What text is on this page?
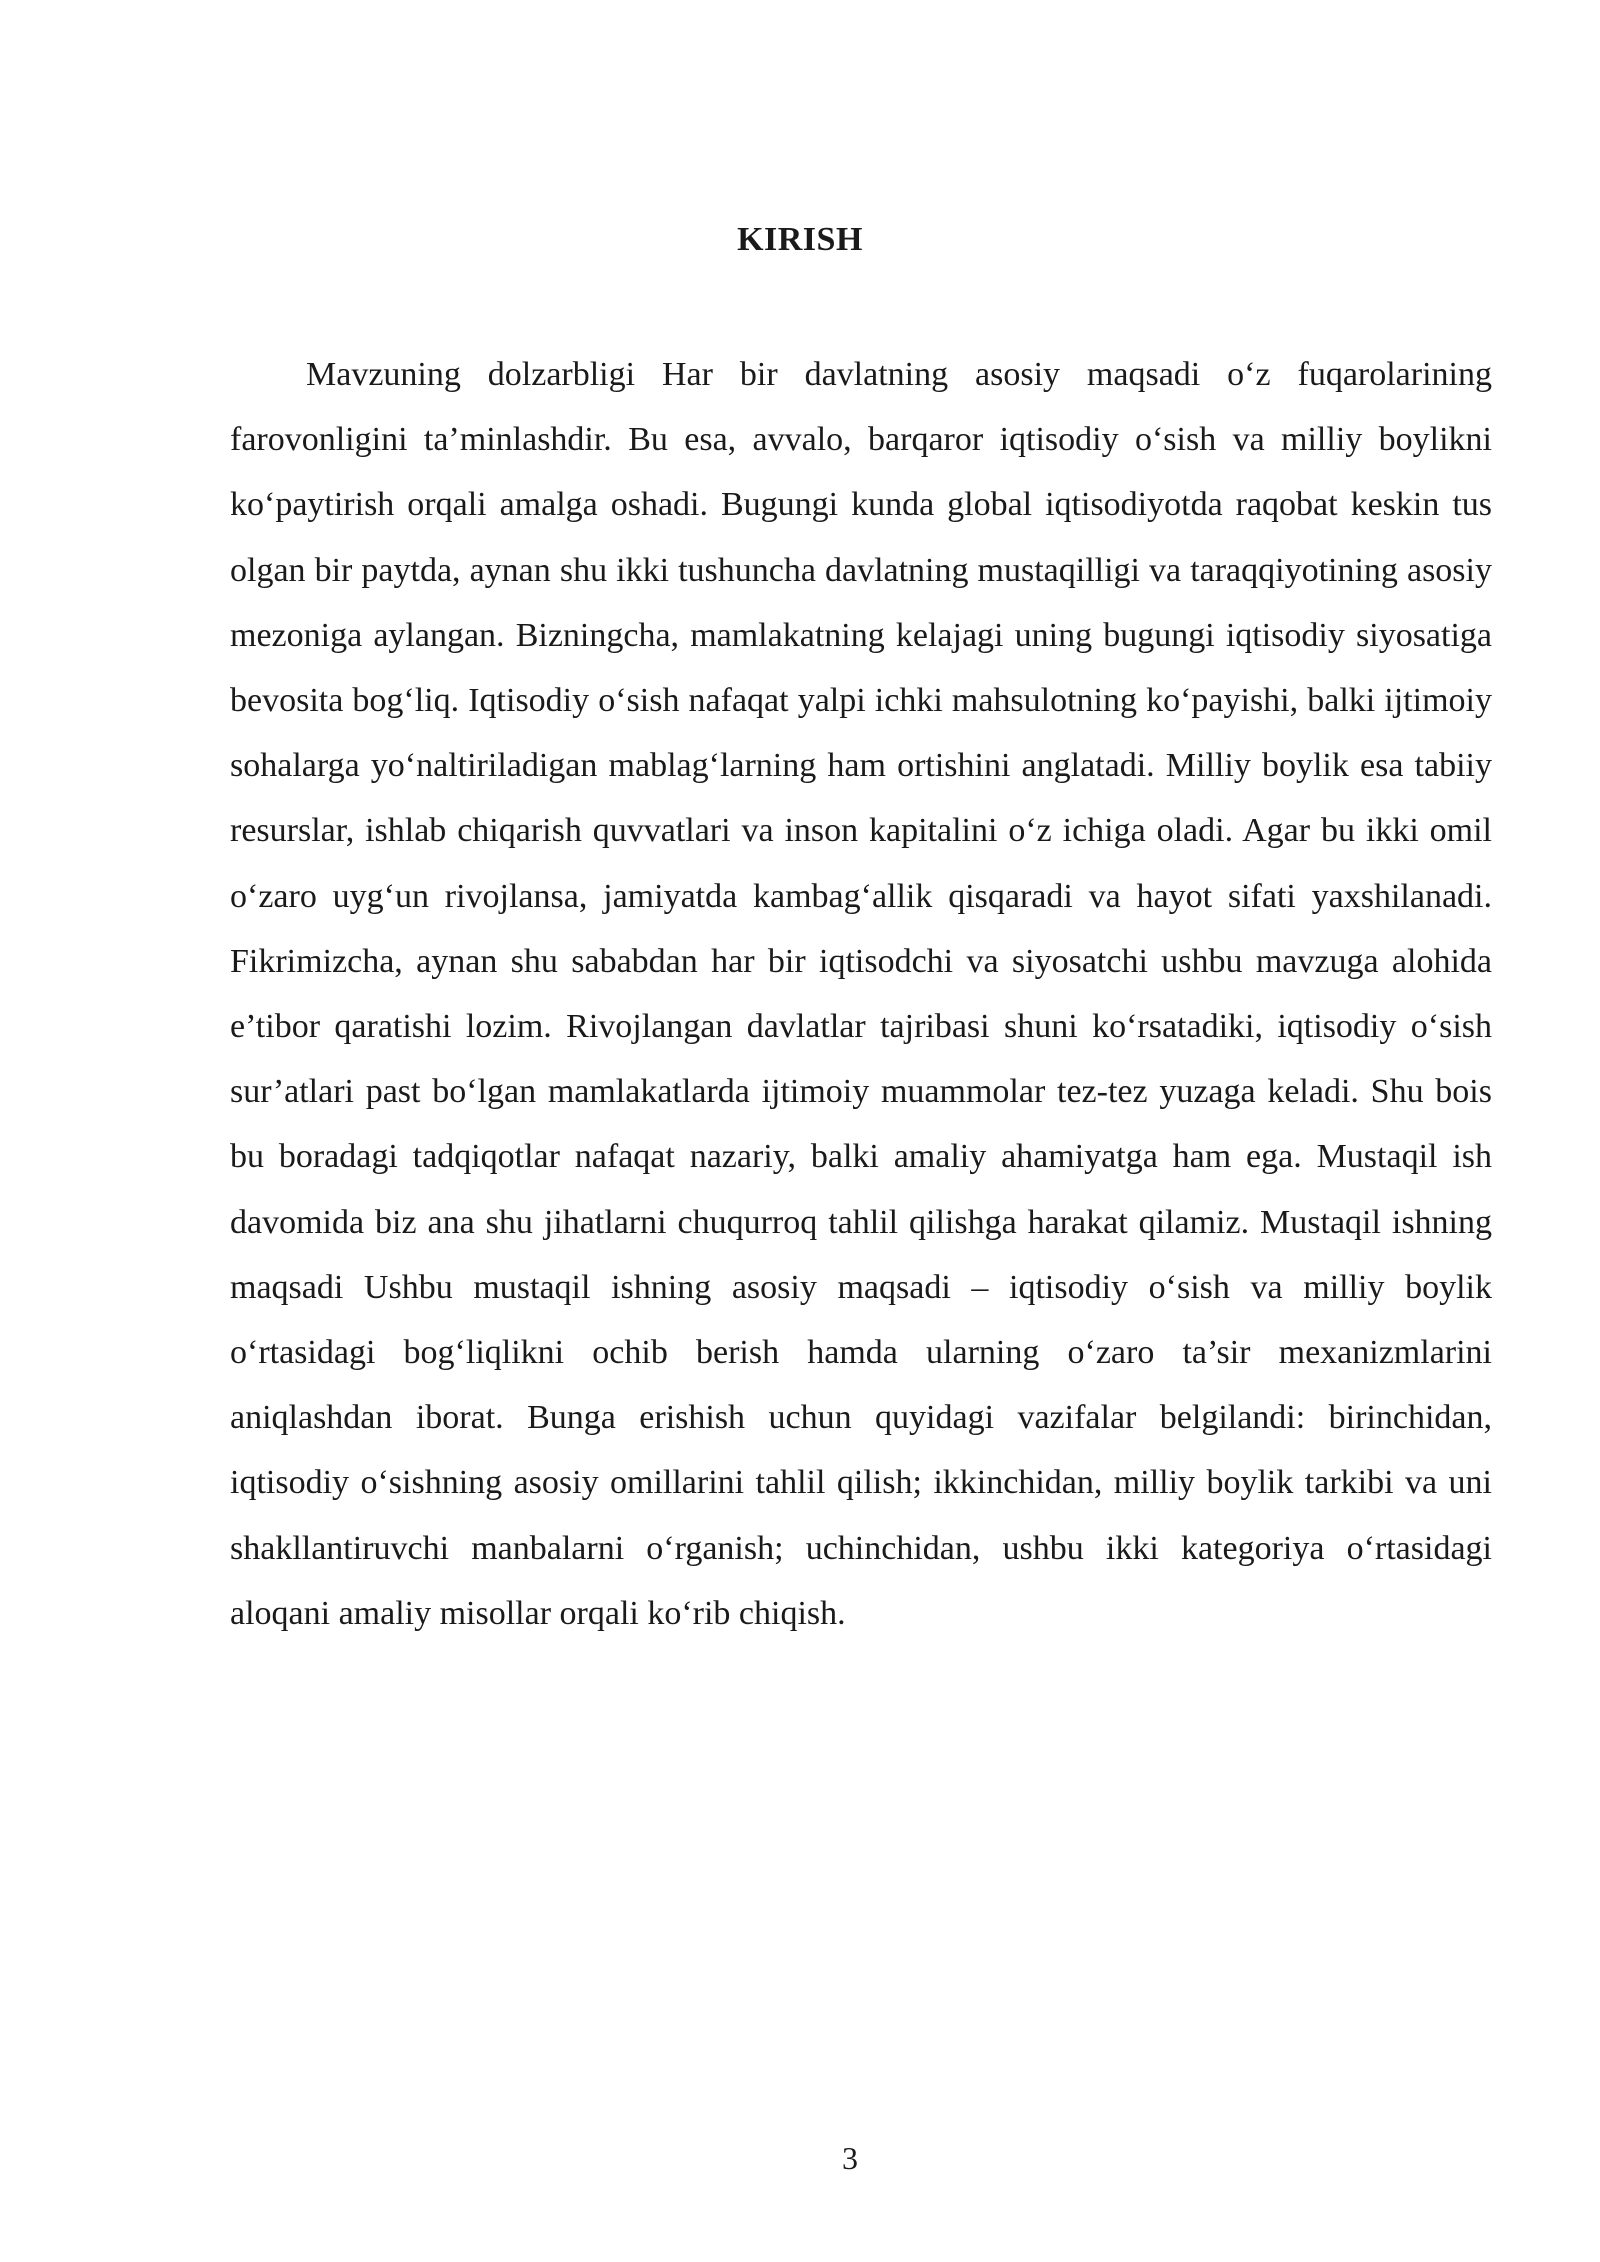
KIRISH

Mavzuning dolzarbligi Har bir davlatning asosiy maqsadi o‘z fuqarolarining farovonligini ta’minlashdir. Bu esa, avvalo, barqaror iqtisodiy o‘sish va milliy boylikni ko‘paytirish orqali amalga oshadi. Bugungi kunda global iqtisodiyotda raqobat keskin tus olgan bir paytda, aynan shu ikki tushuncha davlatning mustaqilligi va taraqqiyotining asosiy mezoniga aylangan. Bizningcha, mamlakatning kelajagi uning bugungi iqtisodiy siyosatiga bevosita bog‘liq. Iqtisodiy o‘sish nafaqat yalpi ichki mahsulotning ko‘payishi, balki ijtimoiy sohalarga yo‘naltiriladigan mablag‘larning ham ortishini anglatadi. Milliy boylik esa tabiiy resurslar, ishlab chiqarish quvvatlari va inson kapitalini o‘z ichiga oladi. Agar bu ikki omil o‘zaro uyg‘un rivojlansa, jamiyatda kambag‘allik qisqaradi va hayot sifati yaxshilanadi. Fikrimizcha, aynan shu sababdan har bir iqtisodchi va siyosatchi ushbu mavzuga alohida e’tibor qaratishi lozim. Rivojlangan davlatlar tajribasi shuni ko‘rsatadiki, iqtisodiy o‘sish sur’atlari past bo‘lgan mamlakatlarda ijtimoiy muammolar tez-tez yuzaga keladi. Shu bois bu boradagi tadqiqotlar nafaqat nazariy, balki amaliy ahamiyatga ham ega. Mustaqil ish davomida biz ana shu jihatlarni chuqurroq tahlil qilishga harakat qilamiz. Mustaqil ishning maqsadi Ushbu mustaqil ishning asosiy maqsadi – iqtisodiy o‘sish va milliy boylik o‘rtasidagi bog‘liqlikni ochib berish hamda ularning o‘zaro ta’sir mexanizmlarini aniqlashdan iborat. Bunga erishish uchun quyidagi vazifalar belgilandi: birinchidan, iqtisodiy o‘sishning asosiy omillarini tahlil qilish; ikkinchidan, milliy boylik tarkibi va uni shakllantiruvchi manbalarni o‘rganish; uchinchidan, ushbu ikki kategoriya o‘rtasidagi aloqani amaliy misollar orqali ko‘rib chiqish.

3
